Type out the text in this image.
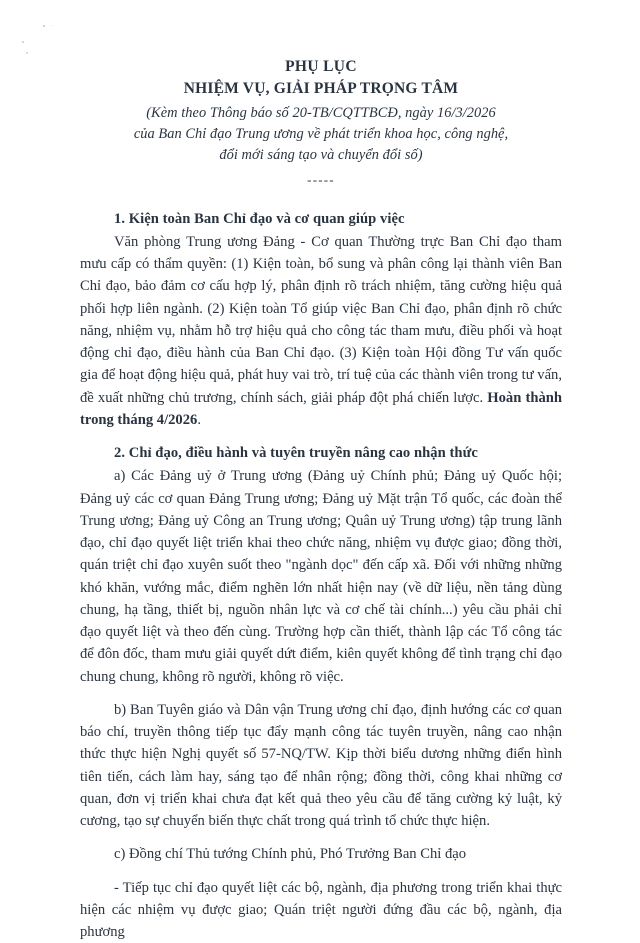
PHỤ LỤC

NHIỆM VỤ, GIẢI PHÁP TRỌNG TÂM

(Kèm theo Thông báo số 20-TB/CQTTBCĐ, ngày 16/3/2026

của Ban Chỉ đạo Trung ương về phát triển khoa học, công nghệ,

đổi mới sáng tạo và chuyển đổi số)

-----

1. Kiện toàn Ban Chỉ đạo và cơ quan giúp việc

Văn phòng Trung ương Đảng - Cơ quan Thường trực Ban Chỉ đạo tham mưu cấp có thẩm quyền: (1) Kiện toàn, bổ sung và phân công lại thành viên Ban Chỉ đạo, bảo đảm cơ cấu hợp lý, phân định rõ trách nhiệm, tăng cường hiệu quả phối hợp liên ngành. (2) Kiện toàn Tổ giúp việc Ban Chỉ đạo, phân định rõ chức năng, nhiệm vụ, nhằm hỗ trợ hiệu quả cho công tác tham mưu, điều phối và hoạt động chỉ đạo, điều hành của Ban Chỉ đạo. (3) Kiện toàn Hội đồng Tư vấn quốc gia để hoạt động hiệu quả, phát huy vai trò, trí tuệ của các thành viên trong tư vấn, đề xuất những chủ trương, chính sách, giải pháp đột phá chiến lược. Hoàn thành trong tháng 4/2026.

2. Chỉ đạo, điều hành và tuyên truyền nâng cao nhận thức

a) Các Đảng uỷ ở Trung ương (Đảng uỷ Chính phủ; Đảng uỷ Quốc hội; Đảng uỷ các cơ quan Đảng Trung ương; Đảng uỷ Mặt trận Tổ quốc, các đoàn thể Trung ương; Đảng uỷ Công an Trung ương; Quân uỷ Trung ương) tập trung lãnh đạo, chỉ đạo quyết liệt triển khai theo chức năng, nhiệm vụ được giao; đồng thời, quán triệt chỉ đạo xuyên suốt theo "ngành dọc" đến cấp xã. Đối với những những khó khăn, vướng mắc, điểm nghẽn lớn nhất hiện nay (về dữ liệu, nền tảng dùng chung, hạ tầng, thiết bị, nguồn nhân lực và cơ chế tài chính...) yêu cầu phải chỉ đạo quyết liệt và theo đến cùng. Trường hợp cần thiết, thành lập các Tổ công tác để đôn đốc, tham mưu giải quyết dứt điểm, kiên quyết không để tình trạng chỉ đạo chung chung, không rõ người, không rõ việc.

b) Ban Tuyên giáo và Dân vận Trung ương chỉ đạo, định hướng các cơ quan báo chí, truyền thông tiếp tục đẩy mạnh công tác tuyên truyền, nâng cao nhận thức thực hiện Nghị quyết số 57-NQ/TW. Kịp thời biểu dương những điển hình tiên tiến, cách làm hay, sáng tạo để nhân rộng; đồng thời, công khai những cơ quan, đơn vị triển khai chưa đạt kết quả theo yêu cầu để tăng cường kỷ luật, kỷ cương, tạo sự chuyển biến thực chất trong quá trình tổ chức thực hiện.

c) Đồng chí Thủ tướng Chính phủ, Phó Trưởng Ban Chỉ đạo

- Tiếp tục chỉ đạo quyết liệt các bộ, ngành, địa phương trong triển khai thực hiện các nhiệm vụ được giao; Quán triệt người đứng đầu các bộ, ngành, địa phương
